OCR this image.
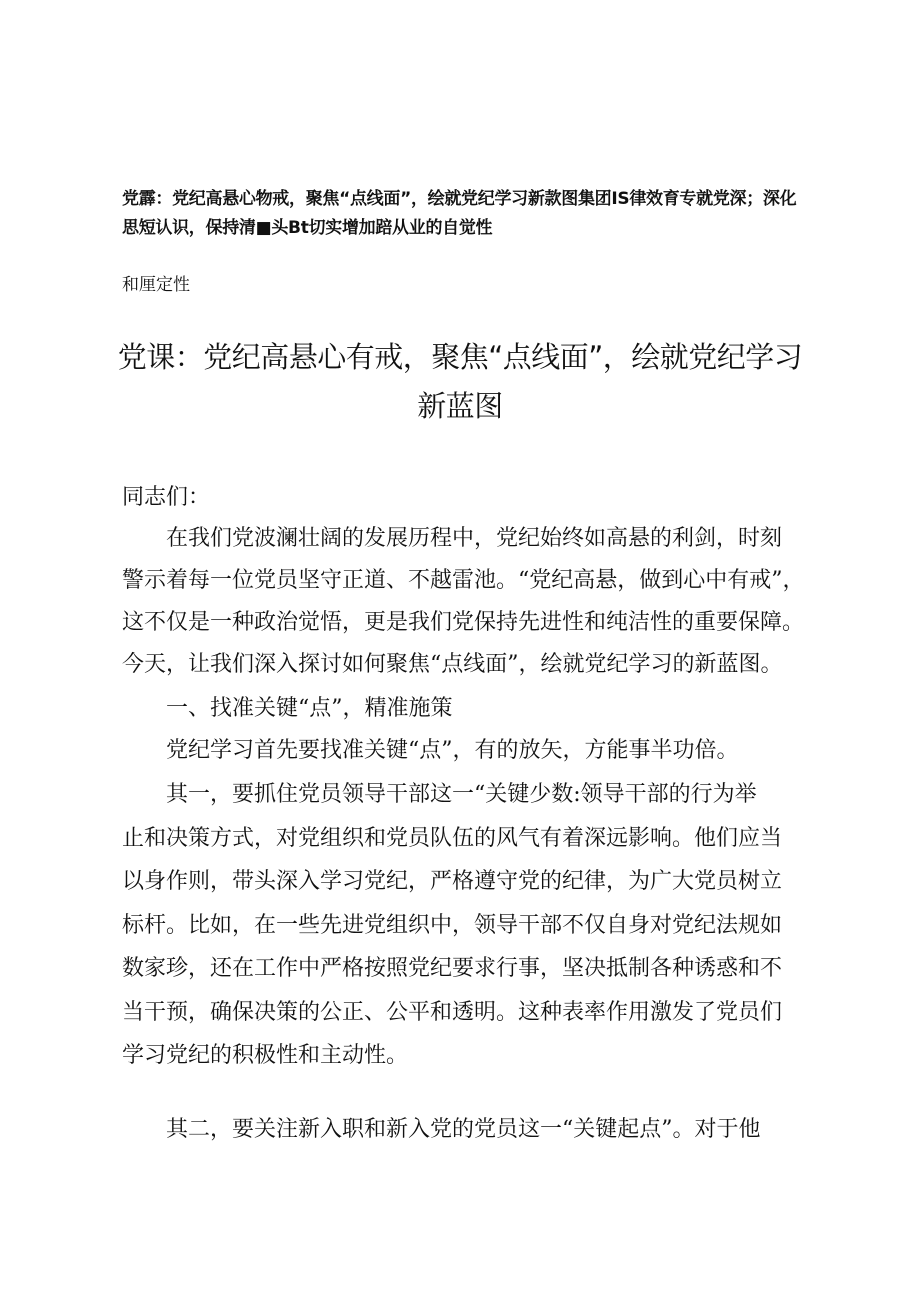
党霹：党纪高悬心物戒，聚焦“点线面”，绘就党纪学习新款图集团IS律效育专就党深；深化
思短认识，保持清■头Bt切实增加踣从业的自觉性
和厘定性
党课：党纪高悬心有戒，聚焦“点线面”，绘就党纪学习
新蓝图
同志们：
在我们党波澜壮阔的发展历程中，党纪始终如高悬的利剑，时刻
警示着每一位党员坚守正道、不越雷池。“党纪高悬，做到心中有戒”，
这不仅是一种政治觉悟，更是我们党保持先进性和纯洁性的重要保障。
今天，让我们深入探讨如何聚焦“点线面”，绘就党纪学习的新蓝图。
一、找准关键“点”，精准施策
党纪学习首先要找准关键“点”，有的放矢，方能事半功倍。
其一，要抓住党员领导干部这一“关键少数:领导干部的行为举
止和决策方式，对党组织和党员队伍的风气有着深远影响。他们应当
以身作则，带头深入学习党纪，严格遵守党的纪律，为广大党员树立
标杆。比如，在一些先进党组织中，领导干部不仅自身对党纪法规如
数家珍，还在工作中严格按照党纪要求行事，坚决抵制各种诱惑和不
当干预，确保决策的公正、公平和透明。这种表率作用激发了党员们
学习党纪的积极性和主动性。
其二，要关注新入职和新入党的党员这一“关键起点”。对于他
